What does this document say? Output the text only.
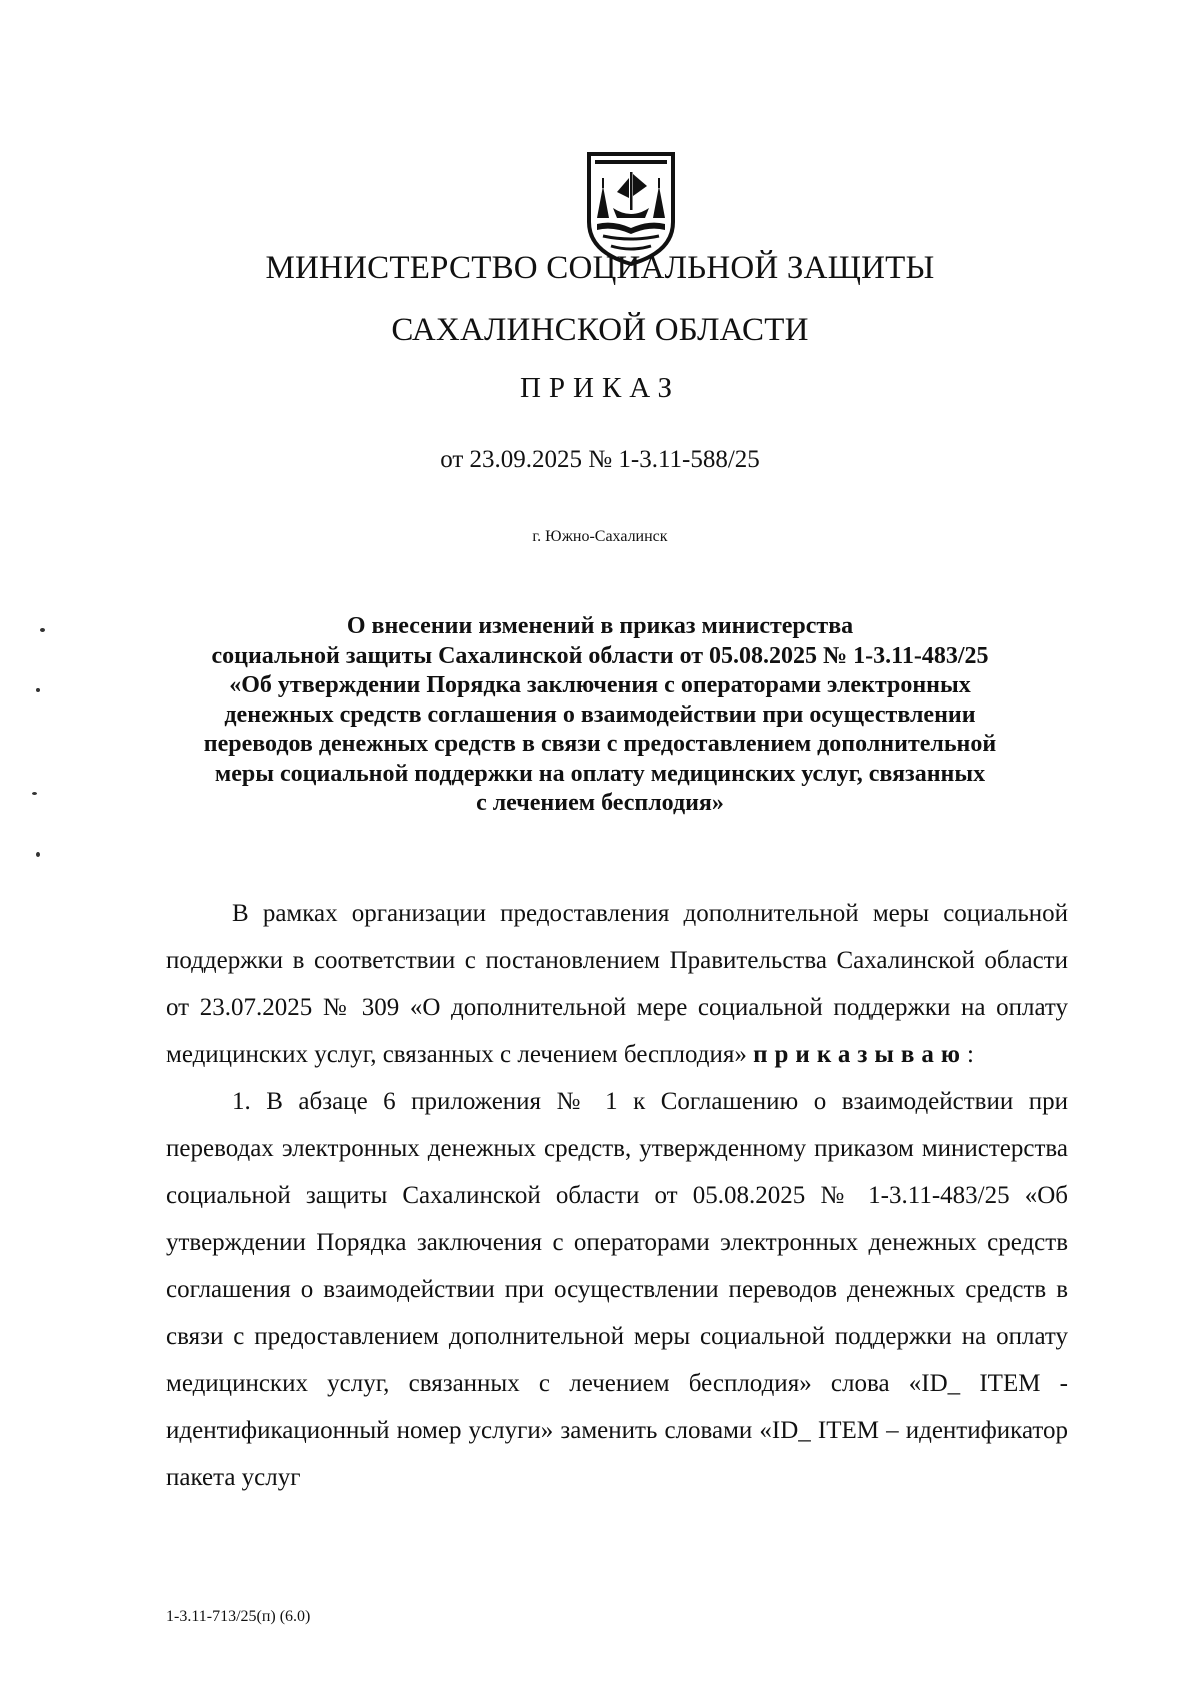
МИНИСТЕРСТВО СОЦИАЛЬНОЙ ЗАЩИТЫ
САХАЛИНСКОЙ ОБЛАСТИ
ПРИКАЗ
от 23.09.2025 № 1-3.11-588/25
г. Южно-Сахалинск
О внесении изменений в приказ министерства
социальной защиты Сахалинской области от 05.08.2025 № 1-3.11-483/25
«Об утверждении Порядка заключения с операторами электронных
денежных средств соглашения о взаимодействии при осуществлении
переводов денежных средств в связи с предоставлением дополнительной
меры социальной поддержки на оплату медицинских услуг, связанных
с лечением бесплодия»

В рамках организации предоставления дополнительной меры социальной поддержки в соответствии с постановлением Правительства Сахалинской области от 23.07.2025 № 309 «О дополнительной мере социальной поддержки на оплату медицинских услуг, связанных с лечением бесплодия» приказываю:

1. В абзаце 6 приложения № 1 к Соглашению о взаимодействии при переводах электронных денежных средств, утвержденному приказом министерства социальной защиты Сахалинской области от 05.08.2025 № 1-3.11-483/25 «Об утверждении Порядка заключения с операторами электронных денежных средств соглашения о взаимодействии при осуществлении переводов денежных средств в связи с предоставлением дополнительной меры социальной поддержки на оплату медицинских услуг, связанных с лечением бесплодия» слова «ID_ ITEM - идентификационный номер услуги» заменить словами «ID_ ITEM – идентификатор пакета услуг

1-3.11-713/25(п) (6.0)
